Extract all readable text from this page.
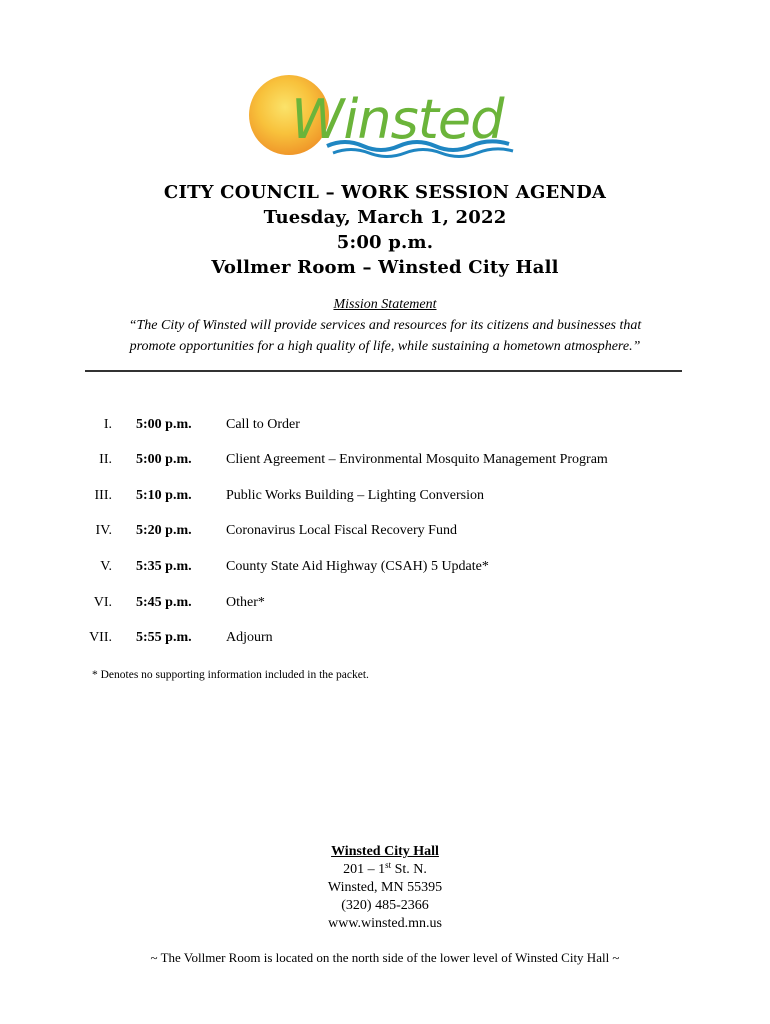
Winsted
CITY COUNCIL – WORK SESSION AGENDA
Tuesday, March 1, 2022
5:00 p.m.
Vollmer Room – Winsted City Hall
Mission Statement
“The City of Winsted will provide services and resources for its citizens and businesses that
promote opportunities for a high quality of life, while sustaining a hometown atmosphere.”
I. 5:00 p.m. Call to Order
II. 5:00 p.m. Client Agreement – Environmental Mosquito Management Program
III. 5:10 p.m. Public Works Building – Lighting Conversion
IV. 5:20 p.m. Coronavirus Local Fiscal Recovery Fund
V. 5:35 p.m. County State Aid Highway (CSAH) 5 Update*
VI. 5:45 p.m. Other*
VII. 5:55 p.m. Adjourn
* Denotes no supporting information included in the packet.
Winsted City Hall
201 – 1st St. N.
Winsted, MN 55395
(320) 485-2366
www.winsted.mn.us
~ The Vollmer Room is located on the north side of the lower level of Winsted City Hall ~
